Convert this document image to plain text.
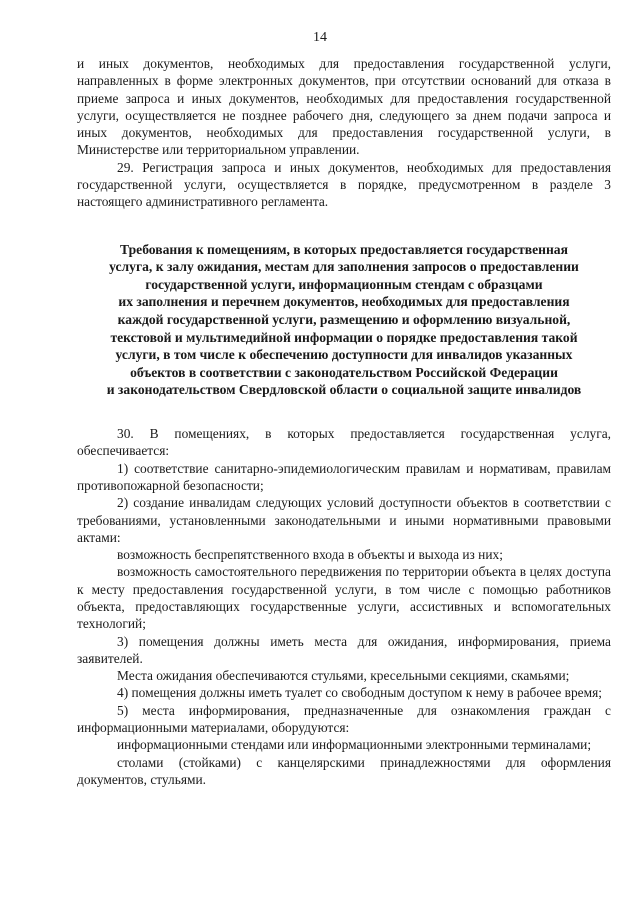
14

и иных документов, необходимых для предоставления государственной услуги, направленных в форме электронных документов, при отсутствии оснований для отказа в приеме запроса и иных документов, необходимых для предоставления государственной услуги, осуществляется не позднее рабочего дня, следующего за днем подачи запроса и иных документов, необходимых для предоставления государственной услуги, в Министерстве или территориальном управлении.

29. Регистрация запроса и иных документов, необходимых для предоставления государственной услуги, осуществляется в порядке, предусмотренном в разделе 3 настоящего административного регламента.

Требования к помещениям, в которых предоставляется государственная
услуга, к залу ожидания, местам для заполнения запросов о предоставлении
государственной услуги, информационным стендам с образцами
их заполнения и перечнем документов, необходимых для предоставления
каждой государственной услуги, размещению и оформлению визуальной,
текстовой и мультимедийной информации о порядке предоставления такой
услуги, в том числе к обеспечению доступности для инвалидов указанных
объектов в соответствии с законодательством Российской Федерации
и законодательством Свердловской области о социальной защите инвалидов

30. В помещениях, в которых предоставляется государственная услуга, обеспечивается:

1) соответствие санитарно-эпидемиологическим правилам и нормативам, правилам противопожарной безопасности;

2) создание инвалидам следующих условий доступности объектов в соответствии с требованиями, установленными законодательными и иными нормативными правовыми актами:

возможность беспрепятственного входа в объекты и выхода из них;

возможность самостоятельного передвижения по территории объекта в целях доступа к месту предоставления государственной услуги, в том числе с помощью работников объекта, предоставляющих государственные услуги, ассистивных и вспомогательных технологий;

3) помещения должны иметь места для ожидания, информирования, приема заявителей.

Места ожидания обеспечиваются стульями, кресельными секциями, скамьями;

4) помещения должны иметь туалет со свободным доступом к нему в рабочее время;

5) места информирования, предназначенные для ознакомления граждан с информационными материалами, оборудуются:

информационными стендами или информационными электронными терминалами;

столами (стойками) с канцелярскими принадлежностями для оформления документов, стульями.
